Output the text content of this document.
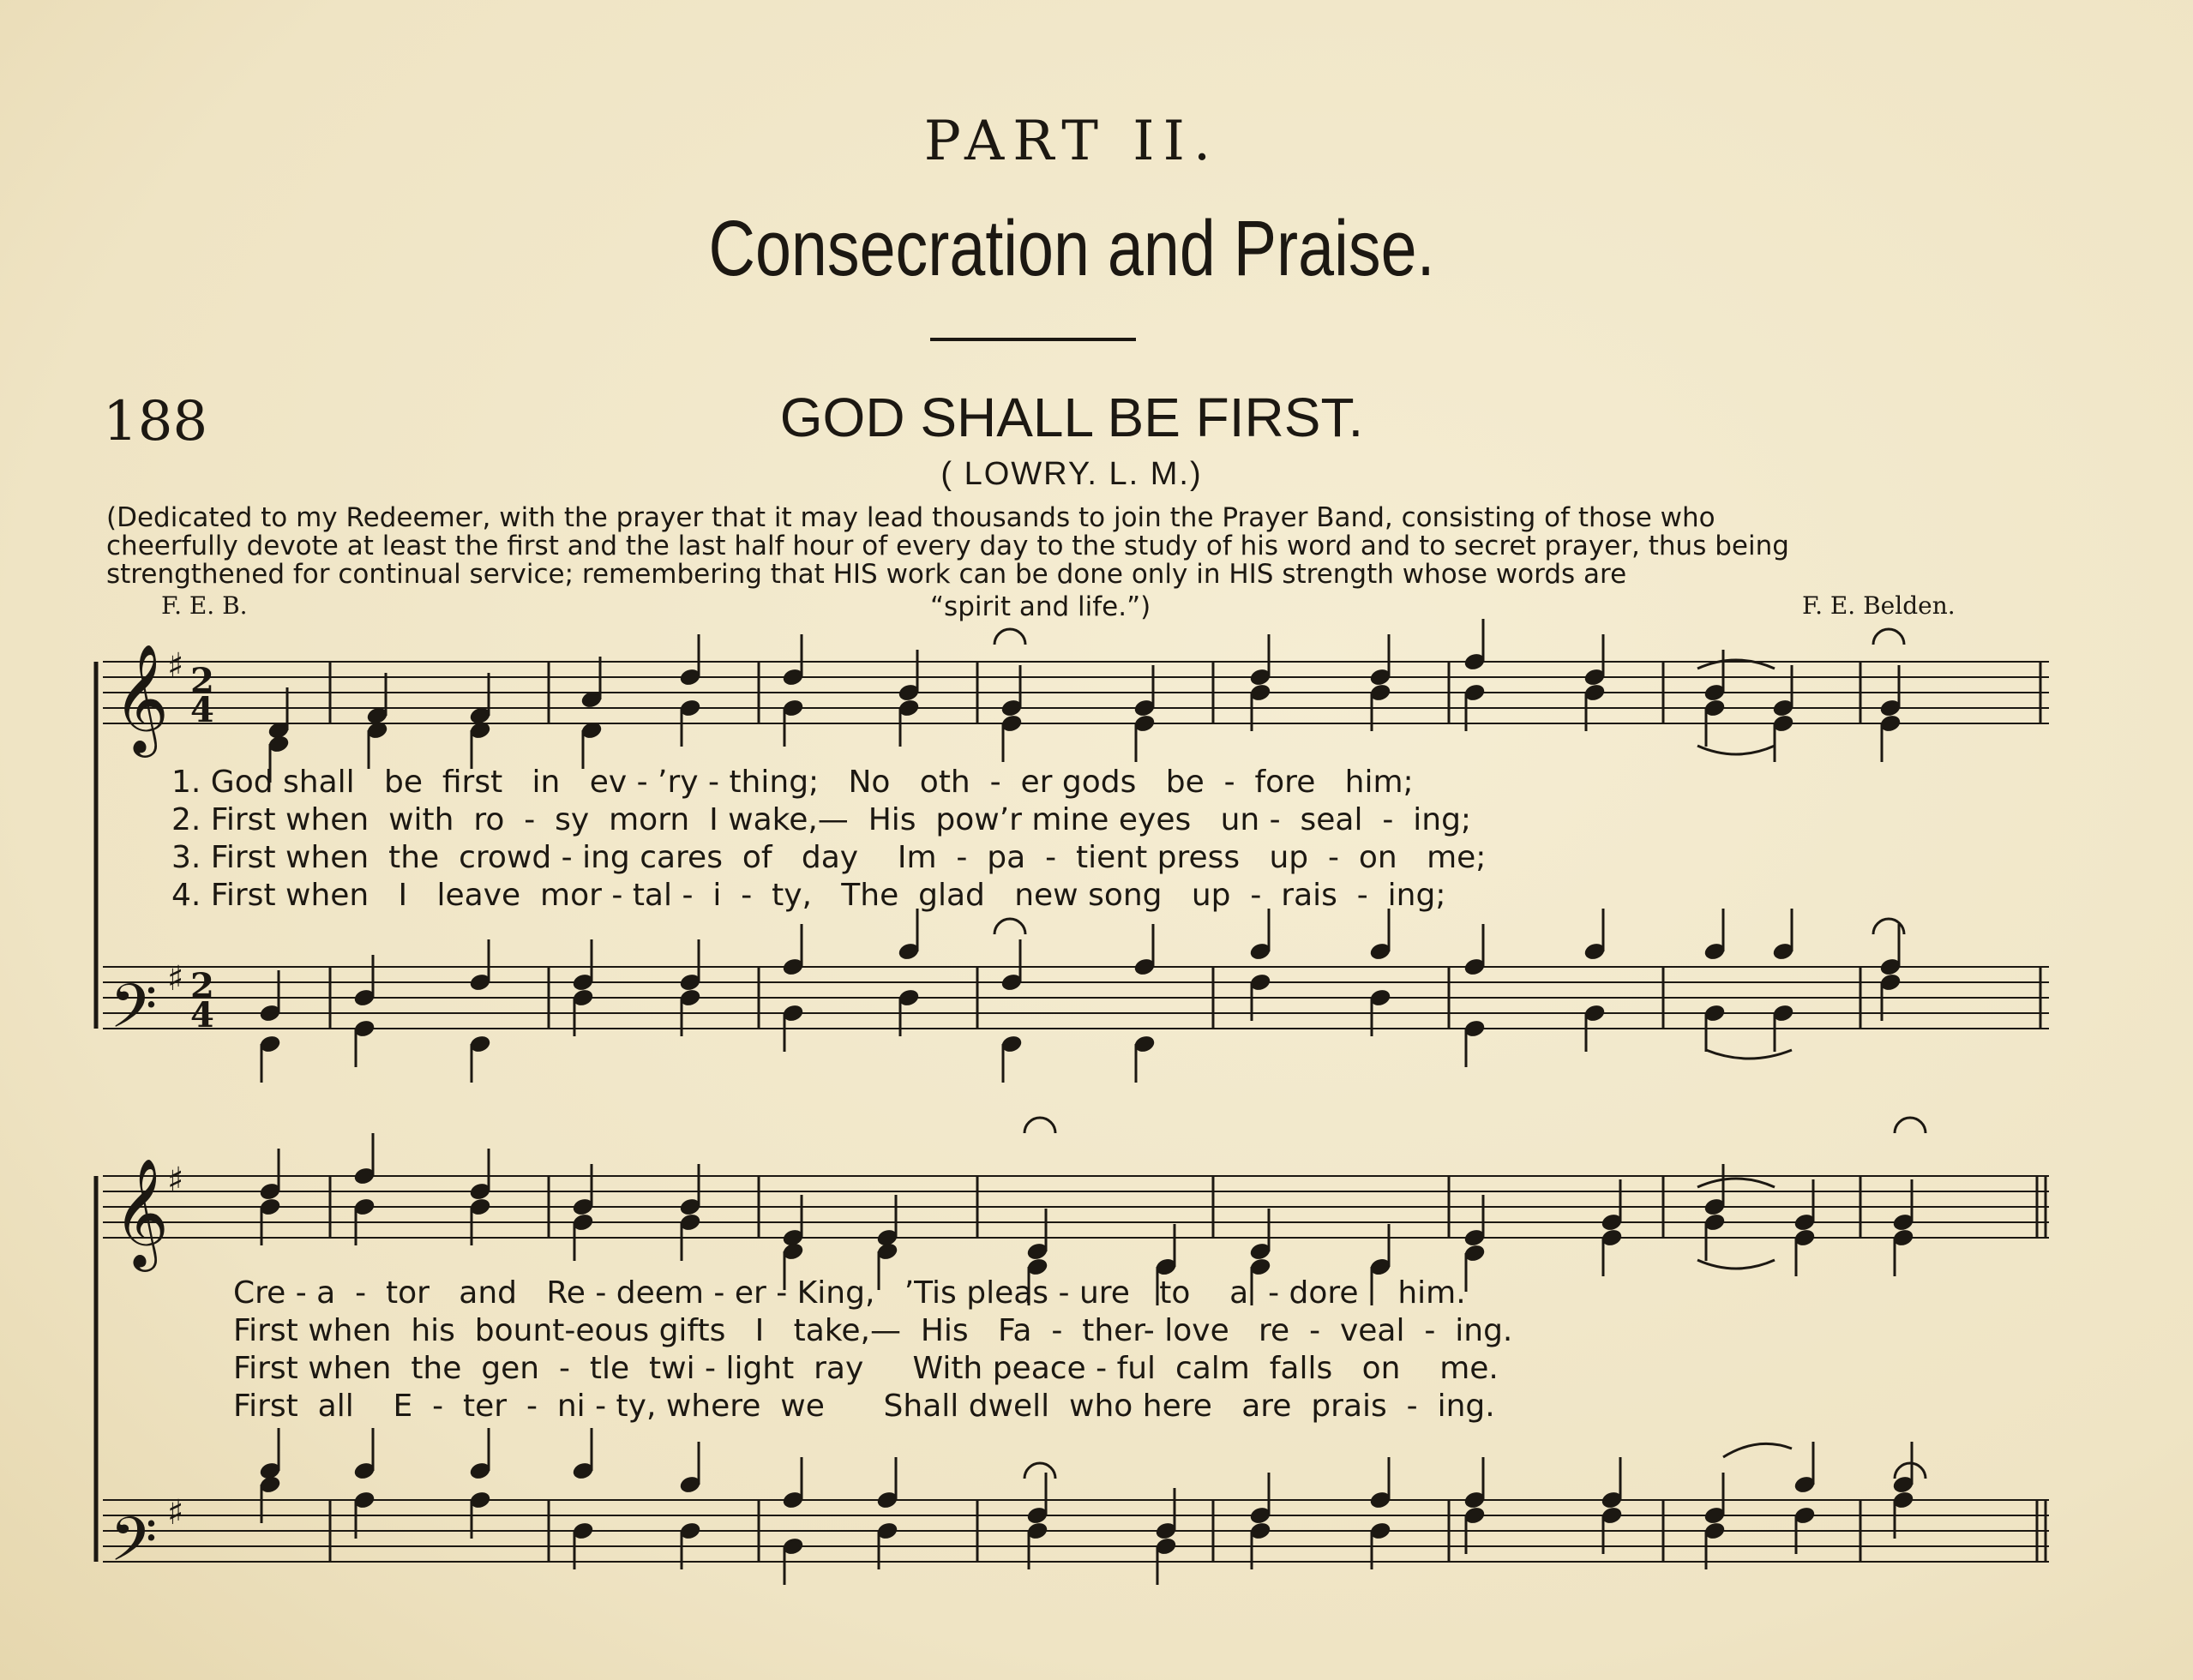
PART II.
Consecration and Praise.
188	GOD SHALL BE FIRST.
( LOWRY. L. M.)
(Dedicated to my Redeemer, with the prayer that it may lead thousands to join the Prayer Band, consisting of those who
cheerfully devote at least the first and the last half hour of every day to the study of his word and to secret prayer, thus being
strengthened for continual service; remembering that HIS work can be done only in HIS strength whose words are
F. E. B.	“spirit and life.”)	F. E. Belden.
𝄞
𝄢
𝄞
𝄢
♯
♯
♯
♯
2
4
2
4
1. God shall   be  first   in   ev - ’ry - thing;   No   oth  -  er gods   be  -  fore   him;
2. First when  with  ro  -  sy  morn  I wake,—  His  pow’r mine eyes   un -  seal  -  ing;
3. First when  the  crowd - ing cares  of   day    Im  -  pa  -  tient press   up  -  on   me;
4. First when   I   leave  mor - tal -  i  -  ty,   The  glad   new song   up  -  rais  -  ing;
Cre - a  -  tor   and   Re - deem - er - King,   ’Tis pleas - ure   to    a  - dore    him.
First when  his  bount-eous gifts   I   take,—  His   Fa  -  ther- love   re  -  veal  -  ing.
First when  the  gen  -  tle  twi - light  ray     With peace - ful  calm  falls   on    me.
First  all    E  -  ter  -  ni - ty, where  we      Shall dwell  who here   are  prais  -  ing.
